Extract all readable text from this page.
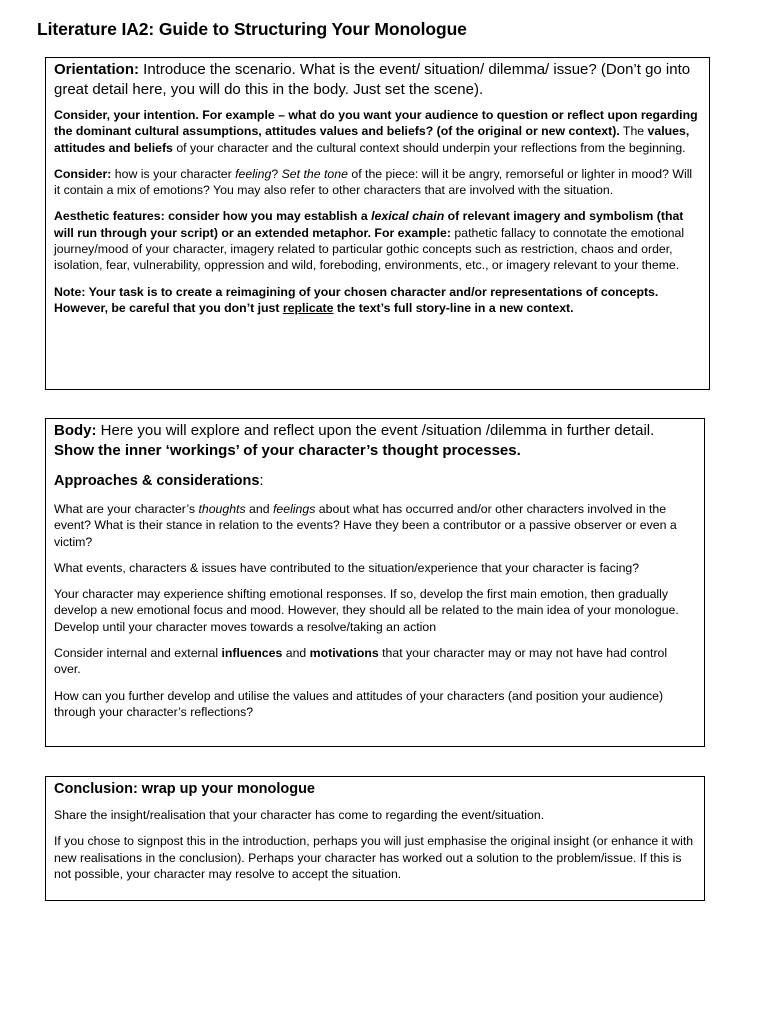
Literature IA2: Guide to Structuring Your Monologue

Orientation: Introduce the scenario. What is the event/ situation/ dilemma/ issue? (Don’t go into great detail here, you will do this in the body. Just set the scene).

Consider, your intention. For example – what do you want your audience to question or reflect upon regarding the dominant cultural assumptions, attitudes values and beliefs? (of the original or new context). The values, attitudes and beliefs of your character and the cultural context should underpin your reflections from the beginning.

Consider: how is your character feeling? Set the tone of the piece: will it be angry, remorseful or lighter in mood? Will it contain a mix of emotions? You may also refer to other characters that are involved with the situation.

Aesthetic features: consider how you may establish a lexical chain of relevant imagery and symbolism (that will run through your script) or an extended metaphor. For example: pathetic fallacy to connotate the emotional journey/mood of your character, imagery related to particular gothic concepts such as restriction, chaos and order, isolation, fear, vulnerability, oppression and wild, foreboding, environments, etc., or imagery relevant to your theme.

Note: Your task is to create a reimagining of your chosen character and/or representations of concepts. However, be careful that you don’t just replicate the text’s full story-line in a new context.

Body: Here you will explore and reflect upon the event /situation /dilemma in further detail. Show the inner ‘workings’ of your character’s thought processes.

Approaches & considerations:

What are your character’s thoughts and feelings about what has occurred and/or other characters involved in the event? What is their stance in relation to the events? Have they been a contributor or a passive observer or even a victim?

What events, characters & issues have contributed to the situation/experience that your character is facing?

Your character may experience shifting emotional responses. If so, develop the first main emotion, then gradually develop a new emotional focus and mood. However, they should all be related to the main idea of your monologue. Develop until your character moves towards a resolve/taking an action

Consider internal and external influences and motivations that your character may or may not have had control over.

How can you further develop and utilise the values and attitudes of your characters (and position your audience) through your character’s reflections?

Conclusion: wrap up your monologue

Share the insight/realisation that your character has come to regarding the event/situation.

If you chose to signpost this in the introduction, perhaps you will just emphasise the original insight (or enhance it with new realisations in the conclusion). Perhaps your character has worked out a solution to the problem/issue. If this is not possible, your character may resolve to accept the situation.
